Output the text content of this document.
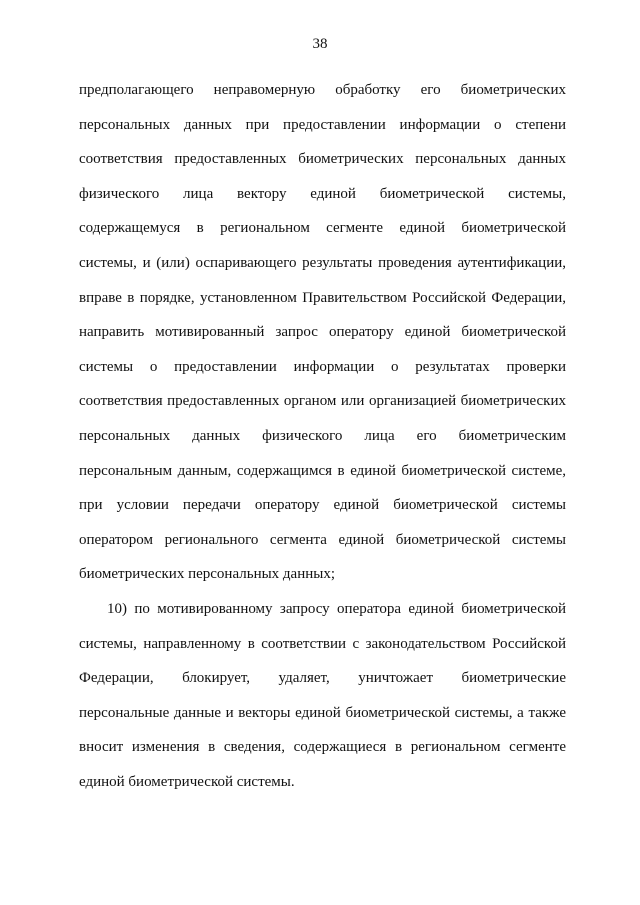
38
предполагающего неправомерную обработку его биометрических
персональных данных при предоставлении информации о степени
соответствия предоставленных биометрических персональных данных
физического лица вектору единой биометрической системы,
содержащемуся в региональном сегменте единой биометрической
системы, и (или) оспаривающего результаты проведения аутентификации,
вправе в порядке, установленном Правительством Российской Федерации,
направить мотивированный запрос оператору единой биометрической
системы о предоставлении информации о результатах проверки
соответствия предоставленных органом или организацией биометрических
персональных данных физического лица его биометрическим
персональным данным, содержащимся в единой биометрической системе,
при условии передачи оператору единой биометрической системы
оператором регионального сегмента единой биометрической системы
биометрических персональных данных;
10) по мотивированному запросу оператора единой биометрической
системы, направленному в соответствии с законодательством Российской
Федерации, блокирует, удаляет, уничтожает биометрические
персональные данные и векторы единой биометрической системы, а также
вносит изменения в сведения, содержащиеся в региональном сегменте
единой биометрической системы.
